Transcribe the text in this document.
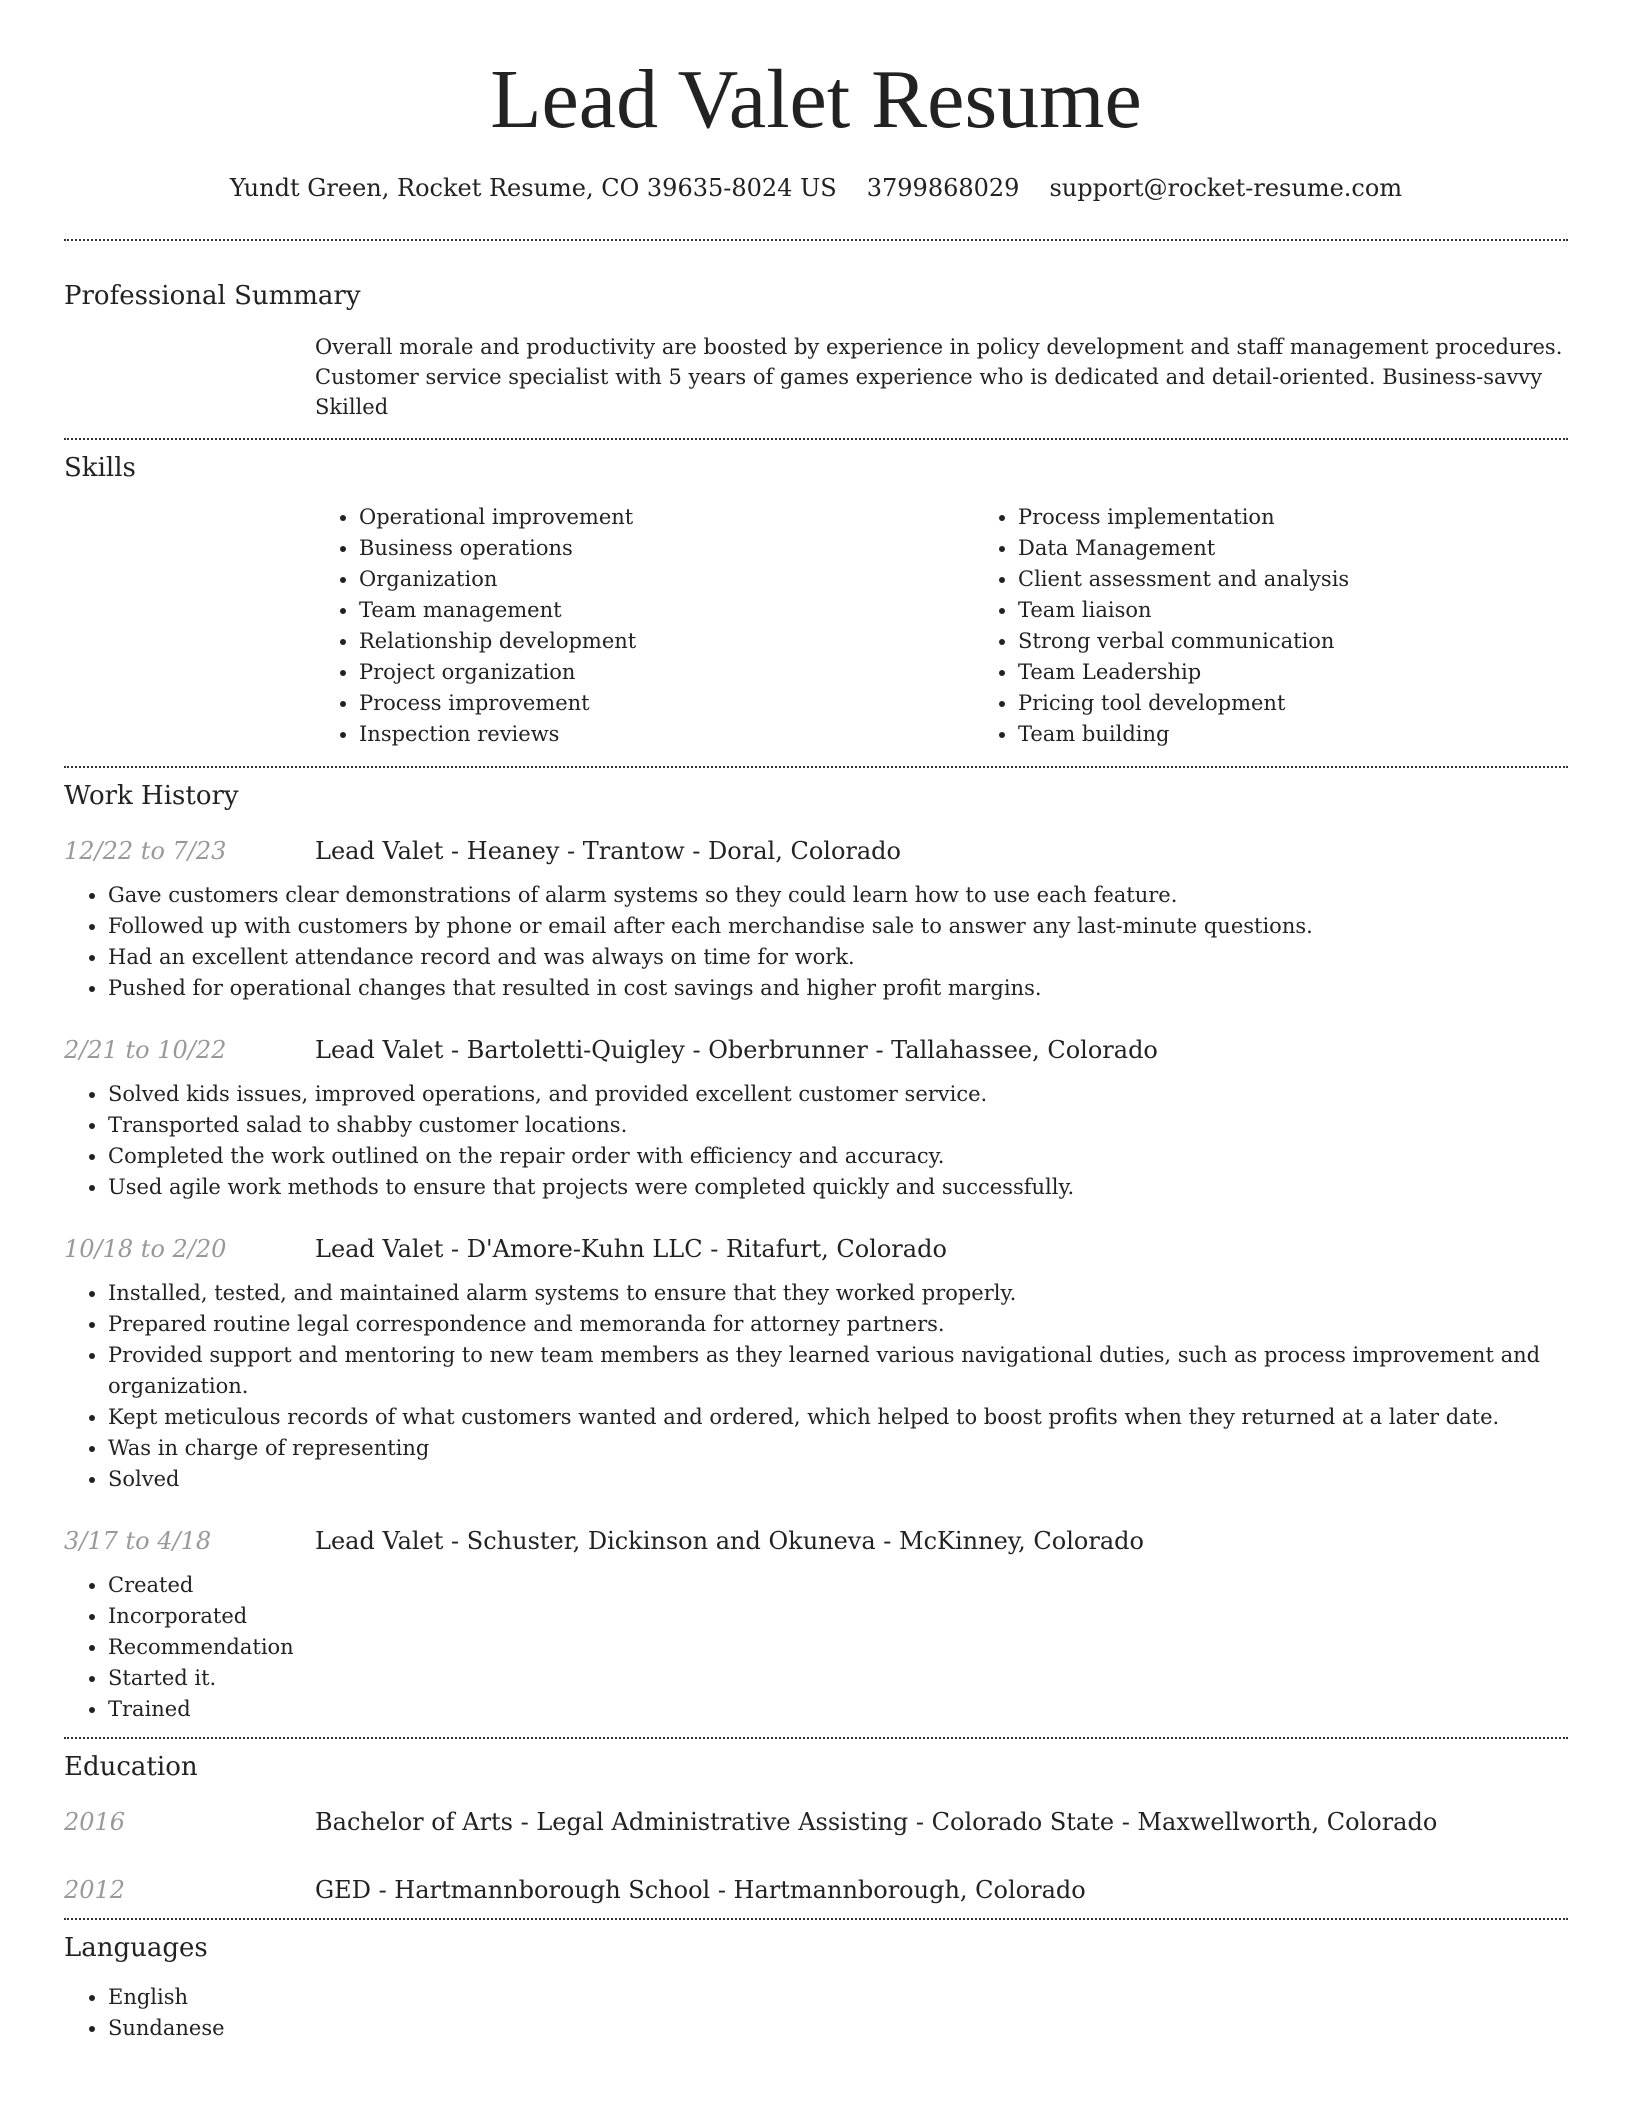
Lead Valet Resume
Yundt Green, Rocket Resume, CO 39635-8024 US 3799868029 support@rocket-resume.com
Professional Summary
Overall morale and productivity are boosted by experience in policy development and staff management procedures.
Customer service specialist with 5 years of games experience who is dedicated and detail-oriented. Business-savvy Skilled
Skills
• Operational improvement
• Business operations
• Organization
• Team management
• Relationship development
• Project organization
• Process improvement
• Inspection reviews
• Process implementation
• Data Management
• Client assessment and analysis
• Team liaison
• Strong verbal communication
• Team Leadership
• Pricing tool development
• Team building
Work History
12/22 to 7/23	Lead Valet - Heaney - Trantow - Doral, Colorado
• Gave customers clear demonstrations of alarm systems so they could learn how to use each feature.
• Followed up with customers by phone or email after each merchandise sale to answer any last-minute questions.
• Had an excellent attendance record and was always on time for work.
• Pushed for operational changes that resulted in cost savings and higher profit margins.
2/21 to 10/22	Lead Valet - Bartoletti-Quigley - Oberbrunner - Tallahassee, Colorado
• Solved kids issues, improved operations, and provided excellent customer service.
• Transported salad to shabby customer locations.
• Completed the work outlined on the repair order with efficiency and accuracy.
• Used agile work methods to ensure that projects were completed quickly and successfully.
10/18 to 2/20	Lead Valet - D'Amore-Kuhn LLC - Ritafurt, Colorado
• Installed, tested, and maintained alarm systems to ensure that they worked properly.
• Prepared routine legal correspondence and memoranda for attorney partners.
• Provided support and mentoring to new team members as they learned various navigational duties, such as process improvement and organization.
• Kept meticulous records of what customers wanted and ordered, which helped to boost profits when they returned at a later date.
• Was in charge of representing
• Solved
3/17 to 4/18	Lead Valet - Schuster, Dickinson and Okuneva - McKinney, Colorado
• Created
• Incorporated
• Recommendation
• Started it.
• Trained
Education
2016	Bachelor of Arts - Legal Administrative Assisting - Colorado State - Maxwellworth, Colorado
2012	GED - Hartmannborough School - Hartmannborough, Colorado
Languages
• English
• Sundanese
